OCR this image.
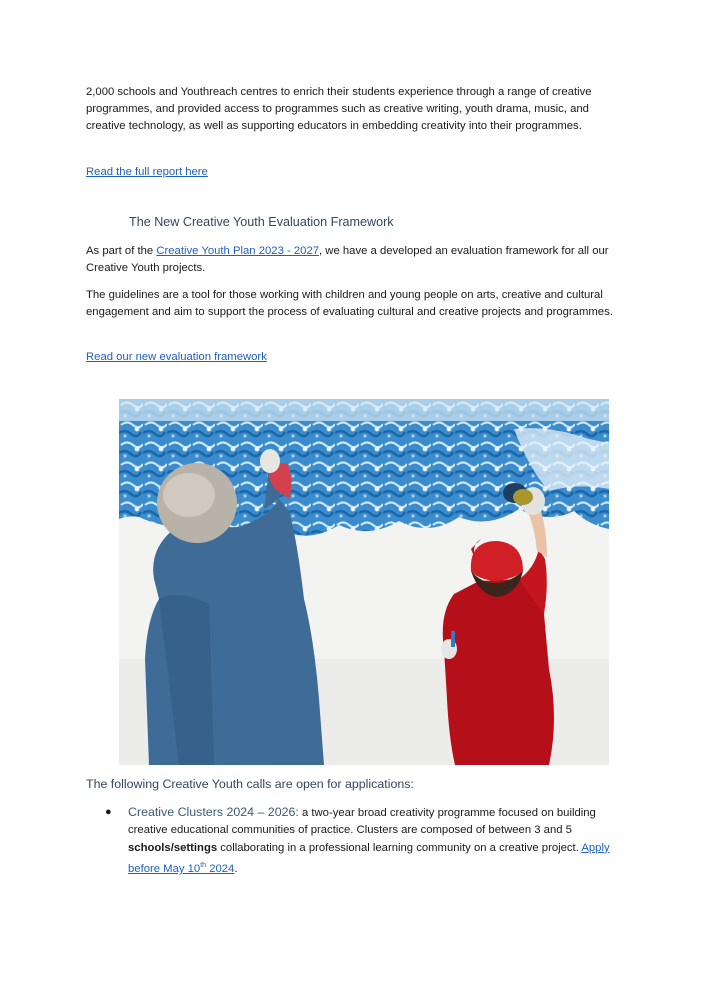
2,000 schools and Youthreach centres to enrich their students experience through a range of creative programmes, and provided access to programmes such as creative writing, youth drama, music, and creative technology, as well as supporting educators in embedding creativity into their programmes.

Read the full report here

The New Creative Youth Evaluation Framework

As part of the Creative Youth Plan 2023 - 2027, we have a developed an evaluation framework for all our Creative Youth projects.

The guidelines are a tool for those working with children and young people on arts, creative and cultural engagement and aim to support the process of evaluating cultural and creative projects and programmes.

Read our new evaluation framework

The following Creative Youth calls are open for applications:

● Creative Clusters 2024 – 2026: a two-year broad creativity programme focused on building creative educational communities of practice. Clusters are composed of between 3 and 5 schools/settings collaborating in a professional learning community on a creative project. Apply before May 10th 2024.
